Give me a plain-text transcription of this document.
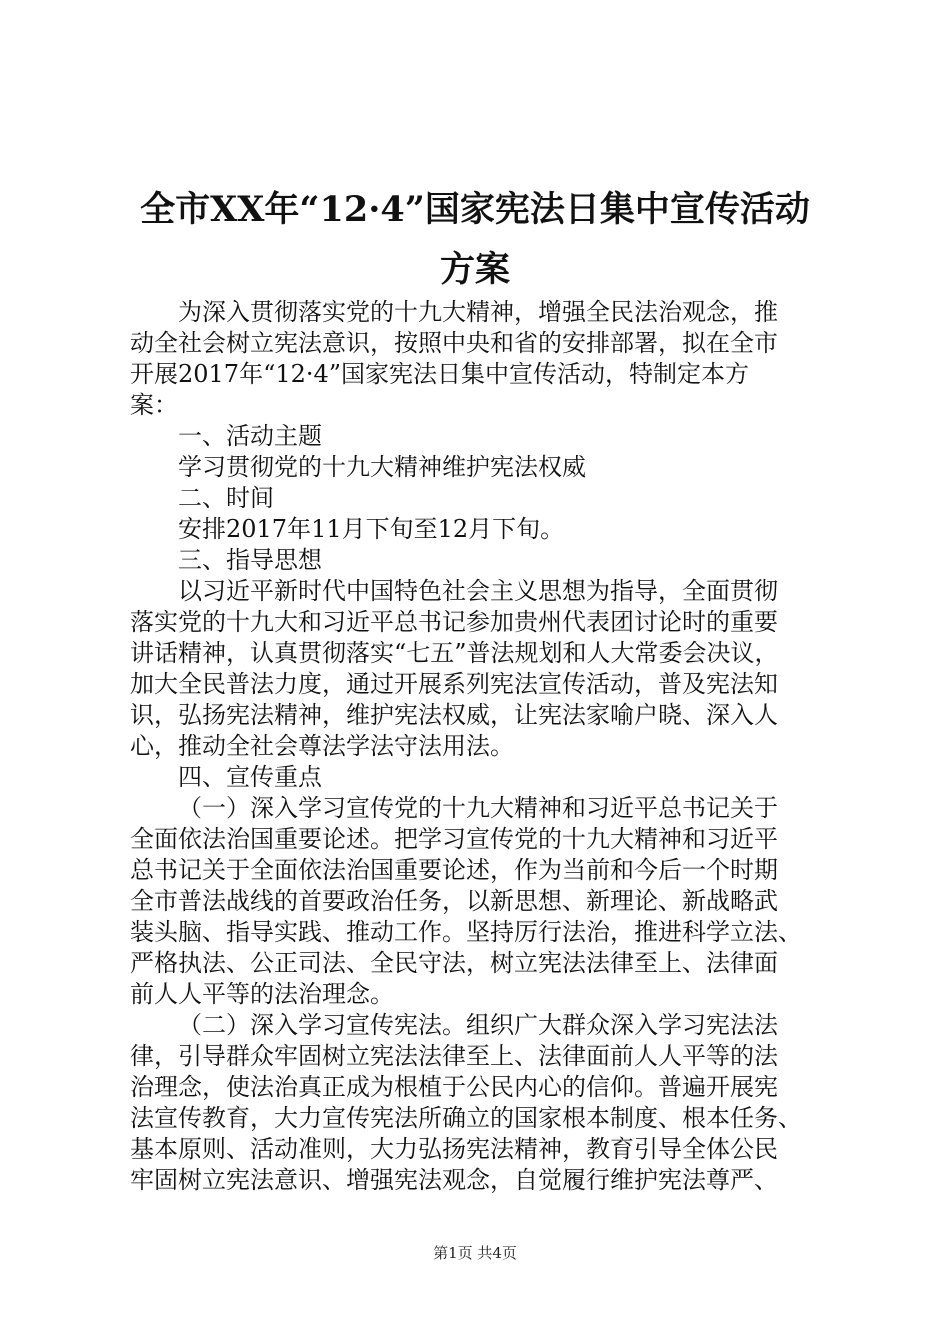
全市XX年“12·4”国家宪法日集中宣传活动
方案
为深入贯彻落实党的十九大精神，增强全民法治观念，推
动全社会树立宪法意识，按照中央和省的安排部署，拟在全市
开展2017年“12·4”国家宪法日集中宣传活动，特制定本方
案：
一、活动主题
学习贯彻党的十九大精神维护宪法权威
二、时间
安排2017年11月下旬至12月下旬。
三、指导思想
以习近平新时代中国特色社会主义思想为指导，全面贯彻
落实党的十九大和习近平总书记参加贵州代表团讨论时的重要
讲话精神，认真贯彻落实“七五”普法规划和人大常委会决议，
加大全民普法力度，通过开展系列宪法宣传活动，普及宪法知
识，弘扬宪法精神，维护宪法权威，让宪法家喻户晓、深入人
心，推动全社会尊法学法守法用法。
四、宣传重点
（一）深入学习宣传党的十九大精神和习近平总书记关于
全面依法治国重要论述。把学习宣传党的十九大精神和习近平
总书记关于全面依法治国重要论述，作为当前和今后一个时期
全市普法战线的首要政治任务，以新思想、新理论、新战略武
装头脑、指导实践、推动工作。坚持厉行法治，推进科学立法、
严格执法、公正司法、全民守法，树立宪法法律至上、法律面
前人人平等的法治理念。
（二）深入学习宣传宪法。组织广大群众深入学习宪法法
律，引导群众牢固树立宪法法律至上、法律面前人人平等的法
治理念，使法治真正成为根植于公民内心的信仰。普遍开展宪
法宣传教育，大力宣传宪法所确立的国家根本制度、根本任务、
基本原则、活动准则，大力弘扬宪法精神，教育引导全体公民
牢固树立宪法意识、增强宪法观念，自觉履行维护宪法尊严、
第1页 共4页
